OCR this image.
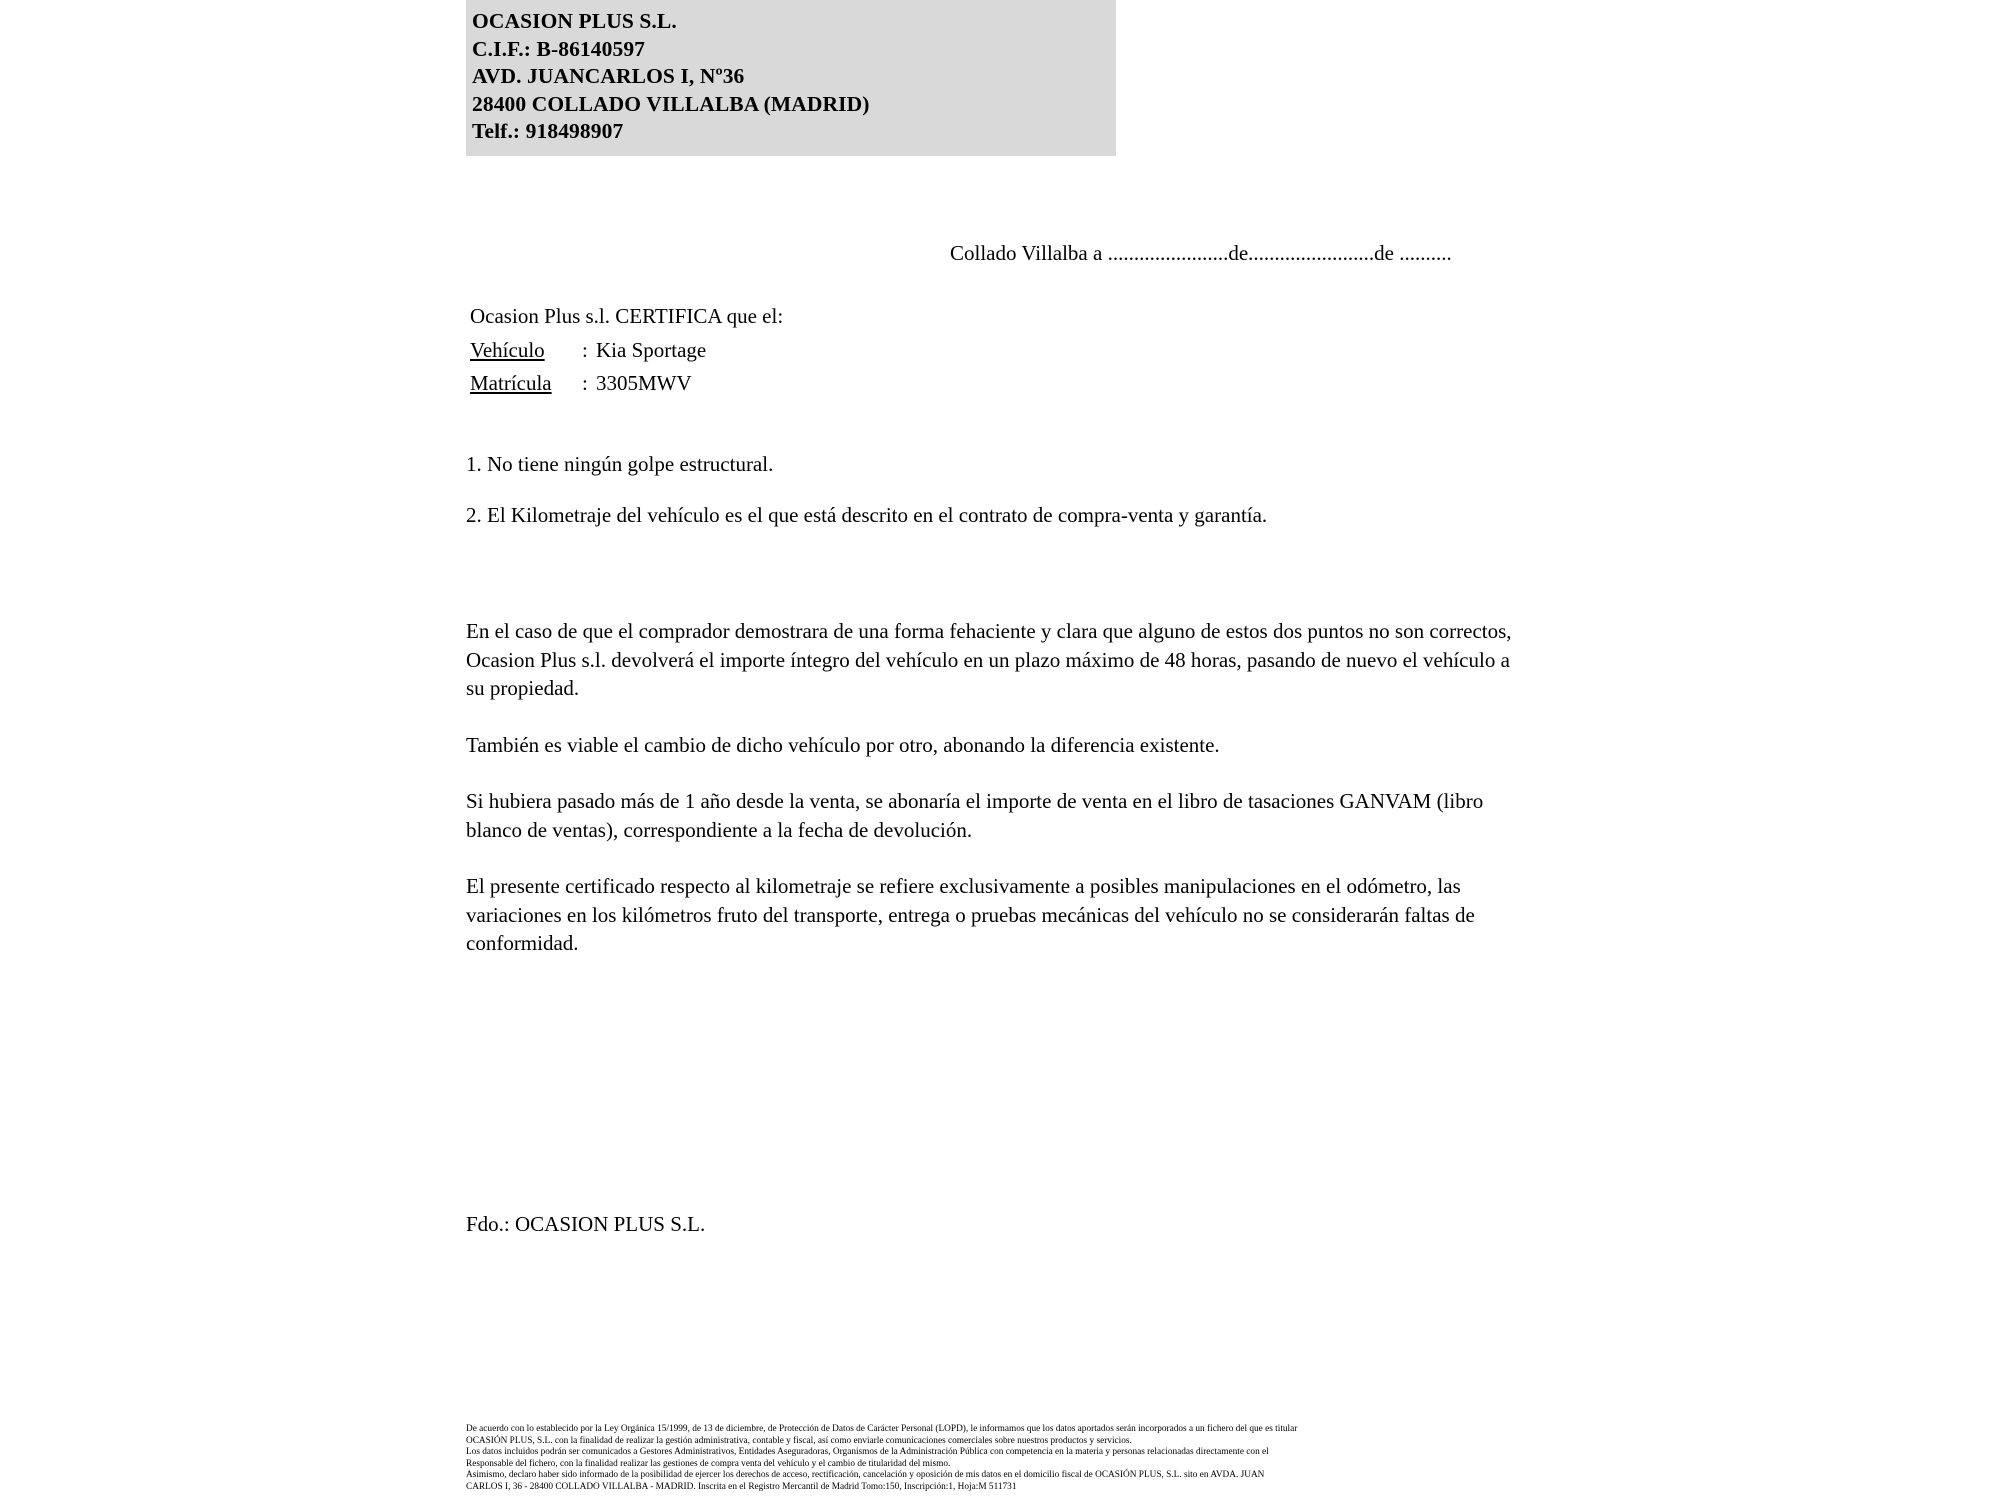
OCASION PLUS S.L.
C.I.F.: B-86140597
AVD. JUANCARLOS I, Nº36
28400 COLLADO VILLALBA (MADRID)
Telf.: 918498907
Collado Villalba a .......................de........................de ..........
Ocasion Plus s.l. CERTIFICA que el:
Vehículo : Kia Sportage
Matrícula : 3305MWV
1. No tiene ningún golpe estructural.
2. El Kilometraje del vehículo es el que está descrito en el contrato de compra-venta y garantía.

En el caso de que el comprador demostrara de una forma fehaciente y clara que alguno de estos dos puntos no son correctos, Ocasion Plus s.l. devolverá el importe íntegro del vehículo en un plazo máximo de 48 horas, pasando de nuevo el vehículo a su propiedad.

También es viable el cambio de dicho vehículo por otro, abonando la diferencia existente.

Si hubiera pasado más de 1 año desde la venta, se abonaría el importe de venta en el libro de tasaciones GANVAM (libro blanco de ventas), correspondiente a la fecha de devolución.

El presente certificado respecto al kilometraje se refiere exclusivamente a posibles manipulaciones en el odómetro, las variaciones en los kilómetros fruto del transporte, entrega o pruebas mecánicas del vehículo no se considerarán faltas de conformidad.

Fdo.: OCASION PLUS S.L.
De acuerdo con lo establecido por la Ley Orgánica 15/1999, de 13 de diciembre, de Protección de Datos de Carácter Personal (LOPD), le informamos que los datos aportados serán incorporados a un fichero del que es titular
OCASIÓN PLUS, S.L. con la finalidad de realizar la gestión administrativa, contable y fiscal, así como enviarle comunicaciones comerciales sobre nuestros productos y servicios.
Los datos incluidos podrán ser comunicados a Gestores Administrativos, Entidades Aseguradoras, Organismos de la Administración Pública con competencia en la materia y personas relacionadas directamente con el
Responsable del fichero, con la finalidad realizar las gestiones de compra venta del vehículo y el cambio de titularidad del mismo.
Asimismo, declaro haber sido informado de la posibilidad de ejercer los derechos de acceso, rectificación, cancelación y oposición de mis datos en el domicilio fiscal de OCASIÓN PLUS, S.L. sito en AVDA. JUAN
CARLOS I, 36 - 28400 COLLADO VILLALBA - MADRID. Inscrita en el Registro Mercantil de Madrid Tomo:150, Inscripción:1, Hoja:M 511731
